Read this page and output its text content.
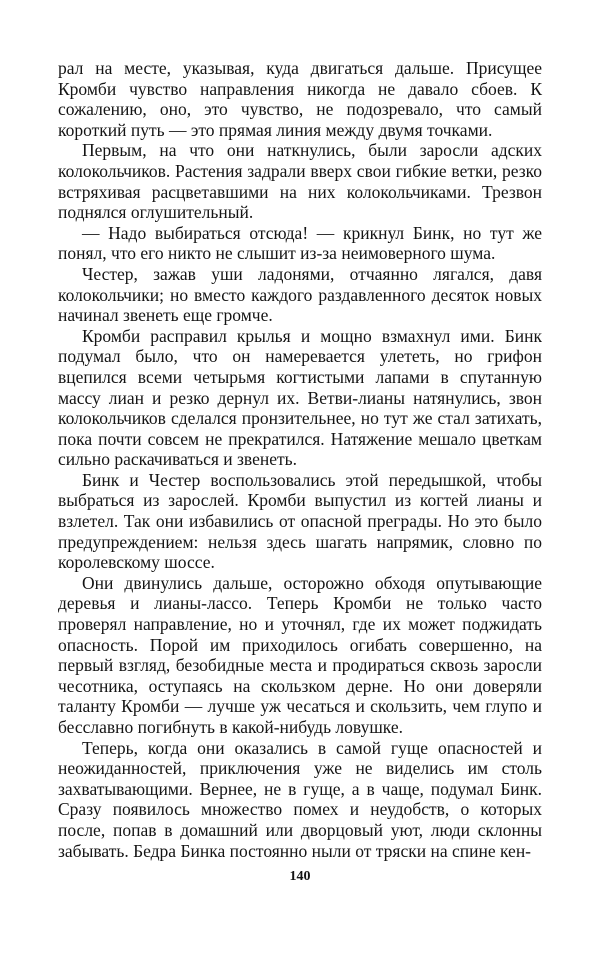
рал на месте, указывая, куда двигаться дальше. Присущее Кромби чувство направления никогда не давало сбоев. К сожалению, оно, это чувство, не подозревало, что самый короткий путь — это прямая линия между двумя точками.

Первым, на что они наткнулись, были заросли адских колокольчиков. Растения задрали вверх свои гибкие ветки, резко встряхивая расцветавшими на них колокольчиками. Трезвон поднялся оглушительный.

— Надо выбираться отсюда! — крикнул Бинк, но тут же понял, что его никто не слышит из-за неимоверного шума.

Честер, зажав уши ладонями, отчаянно лягался, давя колокольчики; но вместо каждого раздавленного десяток новых начинал звенеть еще громче.

Кромби расправил крылья и мощно взмахнул ими. Бинк подумал было, что он намеревается улететь, но грифон вцепился всеми четырьмя когтистыми лапами в спутанную массу лиан и резко дернул их. Ветви-лианы натянулись, звон колокольчиков сделался пронзительнее, но тут же стал затихать, пока почти совсем не прекратился. Натяжение мешало цветкам сильно раскачиваться и звенеть.

Бинк и Честер воспользовались этой передышкой, чтобы выбраться из зарослей. Кромби выпустил из когтей лианы и взлетел. Так они избавились от опасной преграды. Но это было предупреждением: нельзя здесь шагать напрямик, словно по королевскому шоссе.

Они двинулись дальше, осторожно обходя опутывающие деревья и лианы-лассо. Теперь Кромби не только часто проверял направление, но и уточнял, где их может поджидать опасность. Порой им приходилось огибать совершенно, на первый взгляд, безобидные места и продираться сквозь заросли чесотника, оступаясь на скользком дерне. Но они доверяли таланту Кромби — лучше уж чесаться и скользить, чем глупо и бесславно погибнуть в какой-нибудь ловушке.

Теперь, когда они оказались в самой гуще опасностей и неожиданностей, приключения уже не виделись им столь захватывающими. Вернее, не в гуще, а в чаще, подумал Бинк. Сразу появилось множество помех и неудобств, о которых после, попав в домашний или дворцовый уют, люди склонны забывать. Бедра Бинка постоянно ныли от тряски на спине кен-

140
